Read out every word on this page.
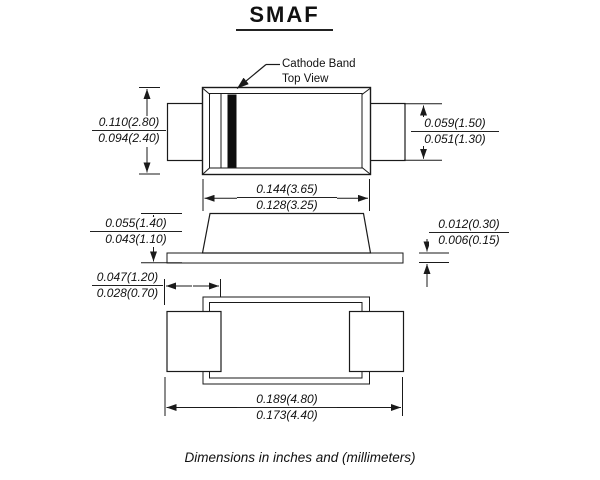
SMAF
Cathode Band
Top View
$\frac{0.110(2.80)}{0.094(2.40)}$	$\frac{0.059(1.50)}{0.051(1.30)}$
$\frac{0.144(3.65)}{0.128(3.25)}$
$\frac{0.055(1.40)}{0.043(1.10)}$	$\frac{0.012(0.30)}{0.006(0.15)}$
$\frac{0.047(1.20)}{0.028(0.70)}$
$\frac{0.189(4.80)}{0.173(4.40)}$
Dimensions in inches and (millimeters)
